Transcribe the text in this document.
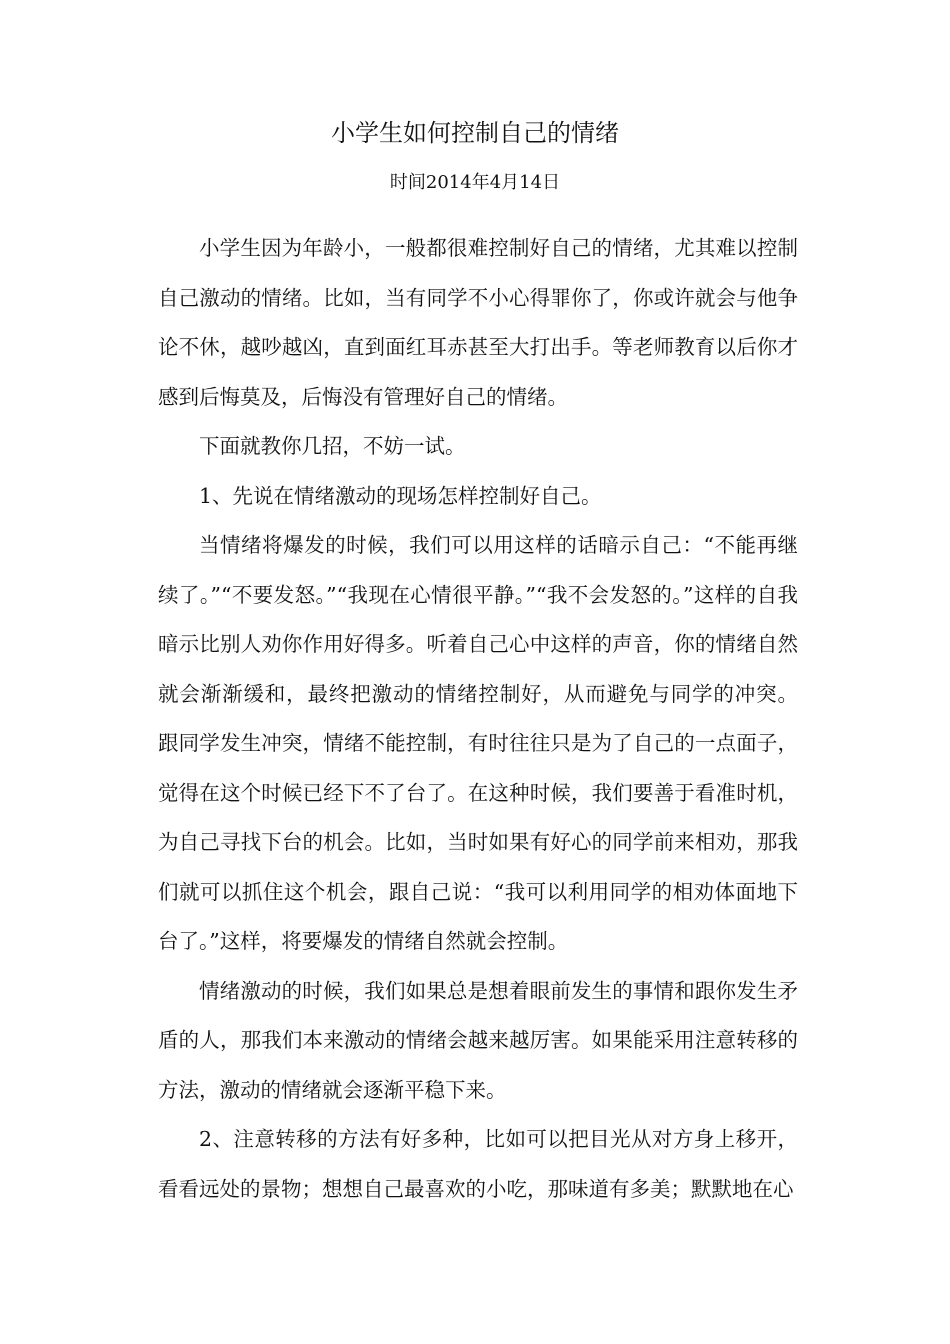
小学生如何控制自己的情绪
时间2014年4月14日

小学生因为年龄小，一般都很难控制好自己的情绪，尤其难以控制自己激动的情绪。比如，当有同学不小心得罪你了，你或许就会与他争论不休，越吵越凶，直到面红耳赤甚至大打出手。等老师教育以后你才感到后悔莫及，后悔没有管理好自己的情绪。

下面就教你几招，不妨一试。

1、先说在情绪激动的现场怎样控制好自己。

当情绪将爆发的时候，我们可以用这样的话暗示自己：“不能再继续了。”“不要发怒。”“我现在心情很平静。”“我不会发怒的。”这样的自我暗示比别人劝你作用好得多。听着自己心中这样的声音，你的情绪自然就会渐渐缓和，最终把激动的情绪控制好，从而避免与同学的冲突。 跟同学发生冲突，情绪不能控制，有时往往只是为了自己的一点面子，觉得在这个时候已经下不了台了。在这种时候，我们要善于看准时机，为自己寻找下台的机会。比如，当时如果有好心的同学前来相劝，那我们就可以抓住这个机会，跟自己说：“我可以利用同学的相劝体面地下台了。”这样，将要爆发的情绪自然就会控制。

情绪激动的时候，我们如果总是想着眼前发生的事情和跟你发生矛盾的人，那我们本来激动的情绪会越来越厉害。如果能采用注意转移的方法，激动的情绪就会逐渐平稳下来。

2、注意转移的方法有好多种，比如可以把目光从对方身上移开，看看远处的景物；想想自己最喜欢的小吃，那味道有多美；默默地在心
